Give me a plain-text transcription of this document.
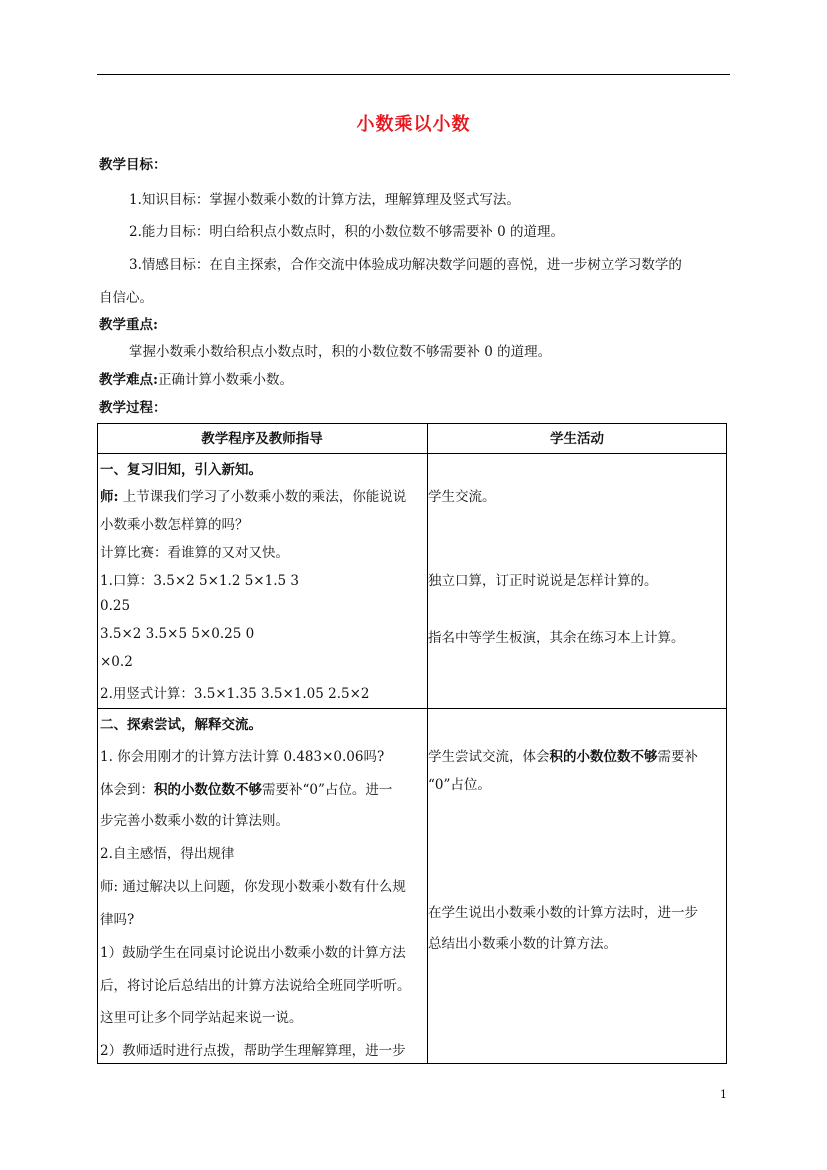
小数乘以小数
教学目标：
1.知识目标：掌握小数乘小数的计算方法，理解算理及竖式写法。
2.能力目标：明白给积点小数点时，积的小数位数不够需要补 0 的道理。
3.情感目标：在自主探索，合作交流中体验成功解决数学问题的喜悦，进一步树立学习数学的
自信心。
教学重点:
掌握小数乘小数给积点小数点时，积的小数位数不够需要补 0 的道理。
教学难点:正确计算小数乘小数。
教学过程：
教学程序及教师指导	学生活动
一、复习旧知，引入新知。
师: 上节课我们学习了小数乘小数的乘法，你能说说
小数乘小数怎样算的吗？
计算比赛：看谁算的又对又快。
1.口算：3.5×2 5×1.2 5×1.5 3
0.25
3.5×2 3.5×5 5×0.25 0
×0.2
2.用竖式计算：3.5×1.35 3.5×1.05 2.5×2
学生交流。
独立口算，订正时说说是怎样计算的。
指名中等学生板演，其余在练习本上计算。
二、探索尝试，解释交流。
1. 你会用刚才的计算方法计算 0.483×0.06吗?
体会到：积的小数位数不够需要补“0”占位。进一
步完善小数乘小数的计算法则。
2.自主感悟，得出规律
师: 通过解决以上问题，你发现小数乘小数有什么规
律吗?
1）鼓励学生在同桌讨论说出小数乘小数的计算方法
后，将讨论后总结出的计算方法说给全班同学听听。
这里可让多个同学站起来说一说。
2）教师适时进行点拨，帮助学生理解算理，进一步
学生尝试交流，体会积的小数位数不够需要补
“0”占位。
在学生说出小数乘小数的计算方法时，进一步
总结出小数乘小数的计算方法。
1
